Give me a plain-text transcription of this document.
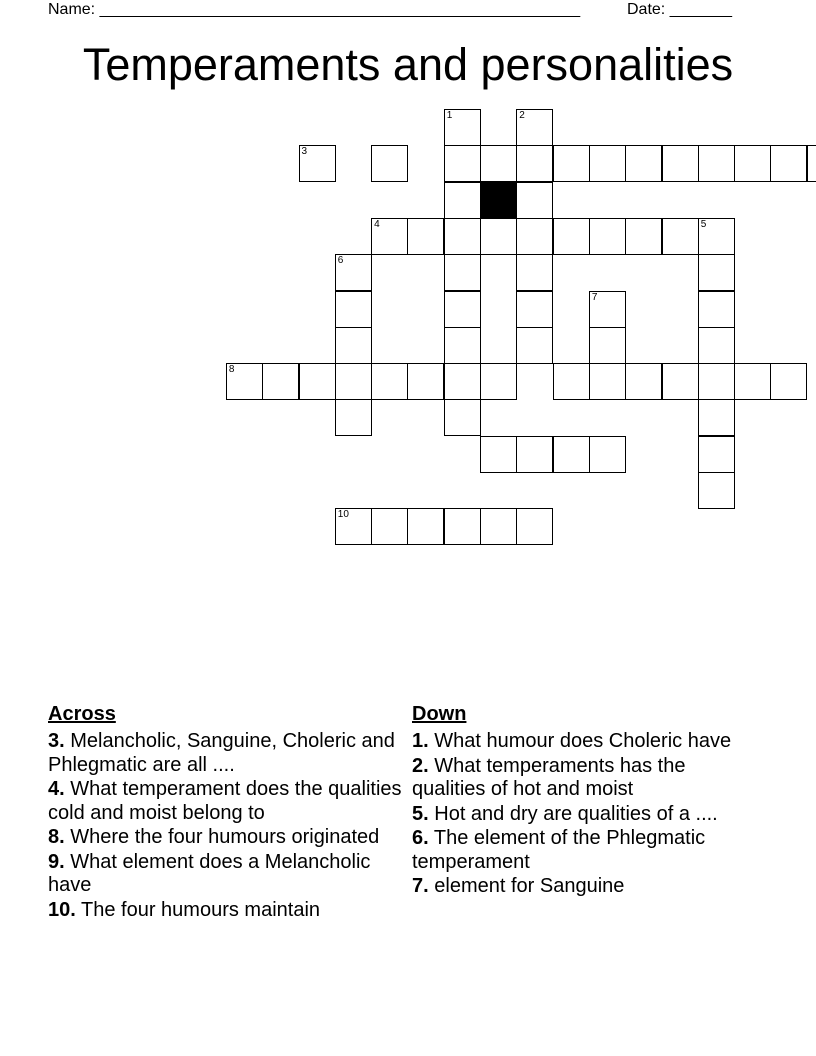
Name: ______________________________________________________	Date: _______
Temperaments and personalities
3
1	2
4	5
6
7
8
10
Across
3. Melancholic, Sanguine, Choleric and Phlegmatic are all ....
4. What temperament does the qualities cold and moist belong to
8. Where the four humours originated
9. What element does a Melancholic have
10. The four humours maintain
Down
1. What humour does Choleric have
2. What temperaments has the qualities of hot and moist
5. Hot and dry are qualities of a ....
6. The element of the Phlegmatic temperament
7. element for Sanguine
